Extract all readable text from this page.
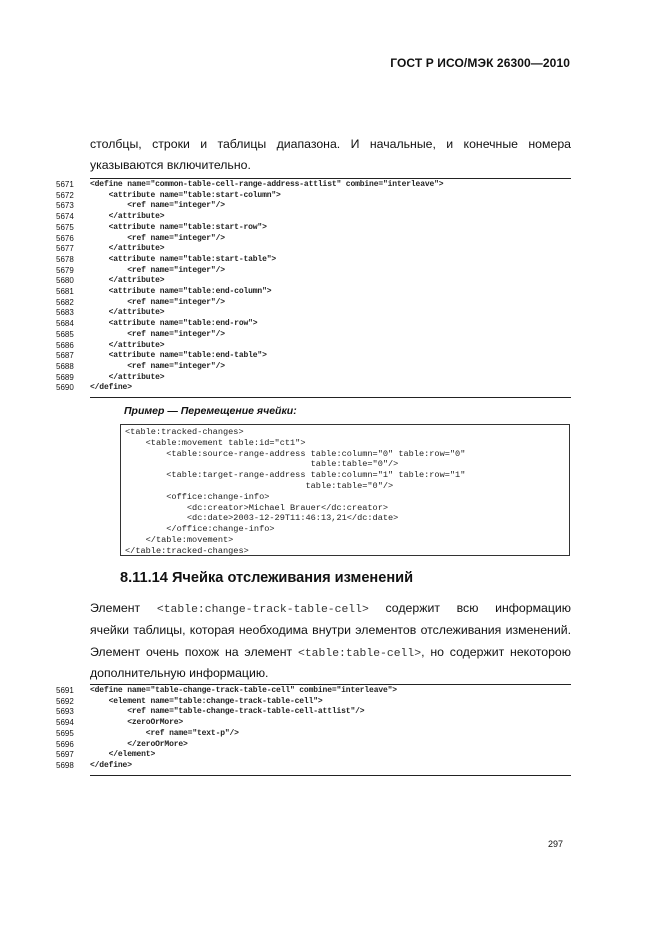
ГОСТ Р ИСО/МЭК 26300—2010
столбцы, строки и таблицы диапазона. И начальные, и конечные номера
указываются включительно.
5671	<define name="common-table-cell-range-address-attlist" combine="interleave">
5672	<attribute name="table:start-column">
5673	<ref name="integer"/>
5674	</attribute>
5675	<attribute name="table:start-row">
5676	<ref name="integer"/>
5677	</attribute>
5678	<attribute name="table:start-table">
5679	<ref name="integer"/>
5680	</attribute>
5681	<attribute name="table:end-column">
5682	<ref name="integer"/>
5683	</attribute>
5684	<attribute name="table:end-row">
5685	<ref name="integer"/>
5686	</attribute>
5687	<attribute name="table:end-table">
5688	<ref name="integer"/>
5689	</attribute>
5690	</define>
Пример — Перемещение ячейки:
<table:tracked-changes>
<table:movement table:id="ct1">
<table:source-range-address table:column="0" table:row="0"
table:table="0"/>
<table:target-range-address table:column="1" table:row="1"
table:table="0"/>
<office:change-info>
<dc:creator>Michael Brauer</dc:creator>
<dc:date>2003-12-29T11:46:13,21</dc:date>
</office:change-info>
</table:movement>
</table:tracked-changes>
8.11.14 Ячейка отслеживания изменений
Элемент <table:change-track-table-cell> содержит всю информацию
ячейки таблицы, которая необходима внутри элементов отслеживания изменений.
Элемент очень похож на элемент <table:table-cell>, но содержит некоторою
дополнительную информацию.
5691	<define name="table-change-track-table-cell" combine="interleave">
5692	<element name="table:change-track-table-cell">
5693	<ref name="table-change-track-table-cell-attlist"/>
5694	<zeroOrMore>
5695	<ref name="text-p"/>
5696	</zeroOrMore>
5697	</element>
5698	</define>
297
